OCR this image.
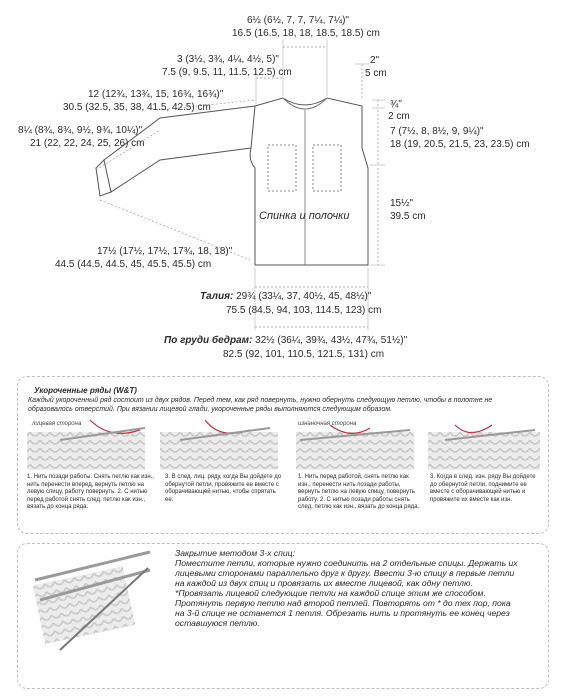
6½ (6½, 7, 7, 7¼, 7¼)"
16.5 (16.5, 18, 18, 18.5, 18.5) cm
3 (3½, 3¾, 4¼, 4½, 5)"
7.5 (9, 9.5, 11, 11.5, 12.5) cm
2"
5 cm
12 (12¾, 13¾, 15, 16¾, 16¾)"
30.5 (32.5, 35, 38, 41.5, 42.5) cm
8¼ (8¾, 8¾, 9½, 9¾, 10¼)"
21 (22, 22, 24, 25, 26) cm
¾"
2 cm
7 (7½, 8, 8½, 9, 9¼)"
18 (19, 20.5, 21.5, 23, 23.5) cm
15½"
39.5 cm
Спинка и полочки
17½ (17½, 17½, 17¾, 18, 18)"
44.5 (44.5, 44.5, 45, 45.5, 45.5) cm
Талия: 29¾ (33¼, 37, 40½, 45, 48½)"
75.5 (84.5, 94, 103, 114.5, 123) cm
По груди бедрам: 32½ (36¼, 39¾, 43½, 47¾, 51½)"
82.5 (92, 101, 110.5, 121.5, 131) cm
Укороченные ряды (W&T)
Каждый укороченный ряд состоит из двух рядов. Перед тем, как ряд повернуть, нужно обернуть следующую петлю, чтобы в полотне не образовалось отверстий. При вязании лицевой глади, укороченные ряды выполняются следующим образом.
лицевая сторона	изнаночная сторона
1. Нить позади работы. Снять петлю как изн., нить перенести вперед, вернуть петлю на левую спицу, работу повернуть. 2. С нитью перед работой снять след. петлю как изн., вязать до конца ряда.
3. В след. лиц. ряду, когда Вы дойдете до обернутой петли, провяжите ее вместе с оборачивающей нитью, чтобы спрятать ее.
1. Нить перед работой, снять петлю как изн., перенести нить позади работы, вернуть петлю на левую спицу, повернуть работу. 2. С нитью позади работы снять след. петлю как изн., вязать до конца ряда.
3. Когда в след. изн. ряду Вы дойдете до обернутой петли, поднимите ее вместе с оборачивающей нитью и провяжите их вместе как изн.
Закрытие методом 3-х спиц:
Поместите петли, которые нужно соединить на 2 отдельные спицы. Держать их
лицевыми сторонами параллельно друг к другу. Ввести 3-ю спицу в первые петли
на каждой из двух спиц и провязать их вместе лицевой, как одну петлю.
*Провязать лицевой следующие петли на каждой спице этим же способом.
Протянуть первую петлю над второй петлей. Повторять от * до тех пор, пока
на 3-й спице не останется 1 петля. Обрезать нить и протянуть ее конец через
оставшуюся петлю.
